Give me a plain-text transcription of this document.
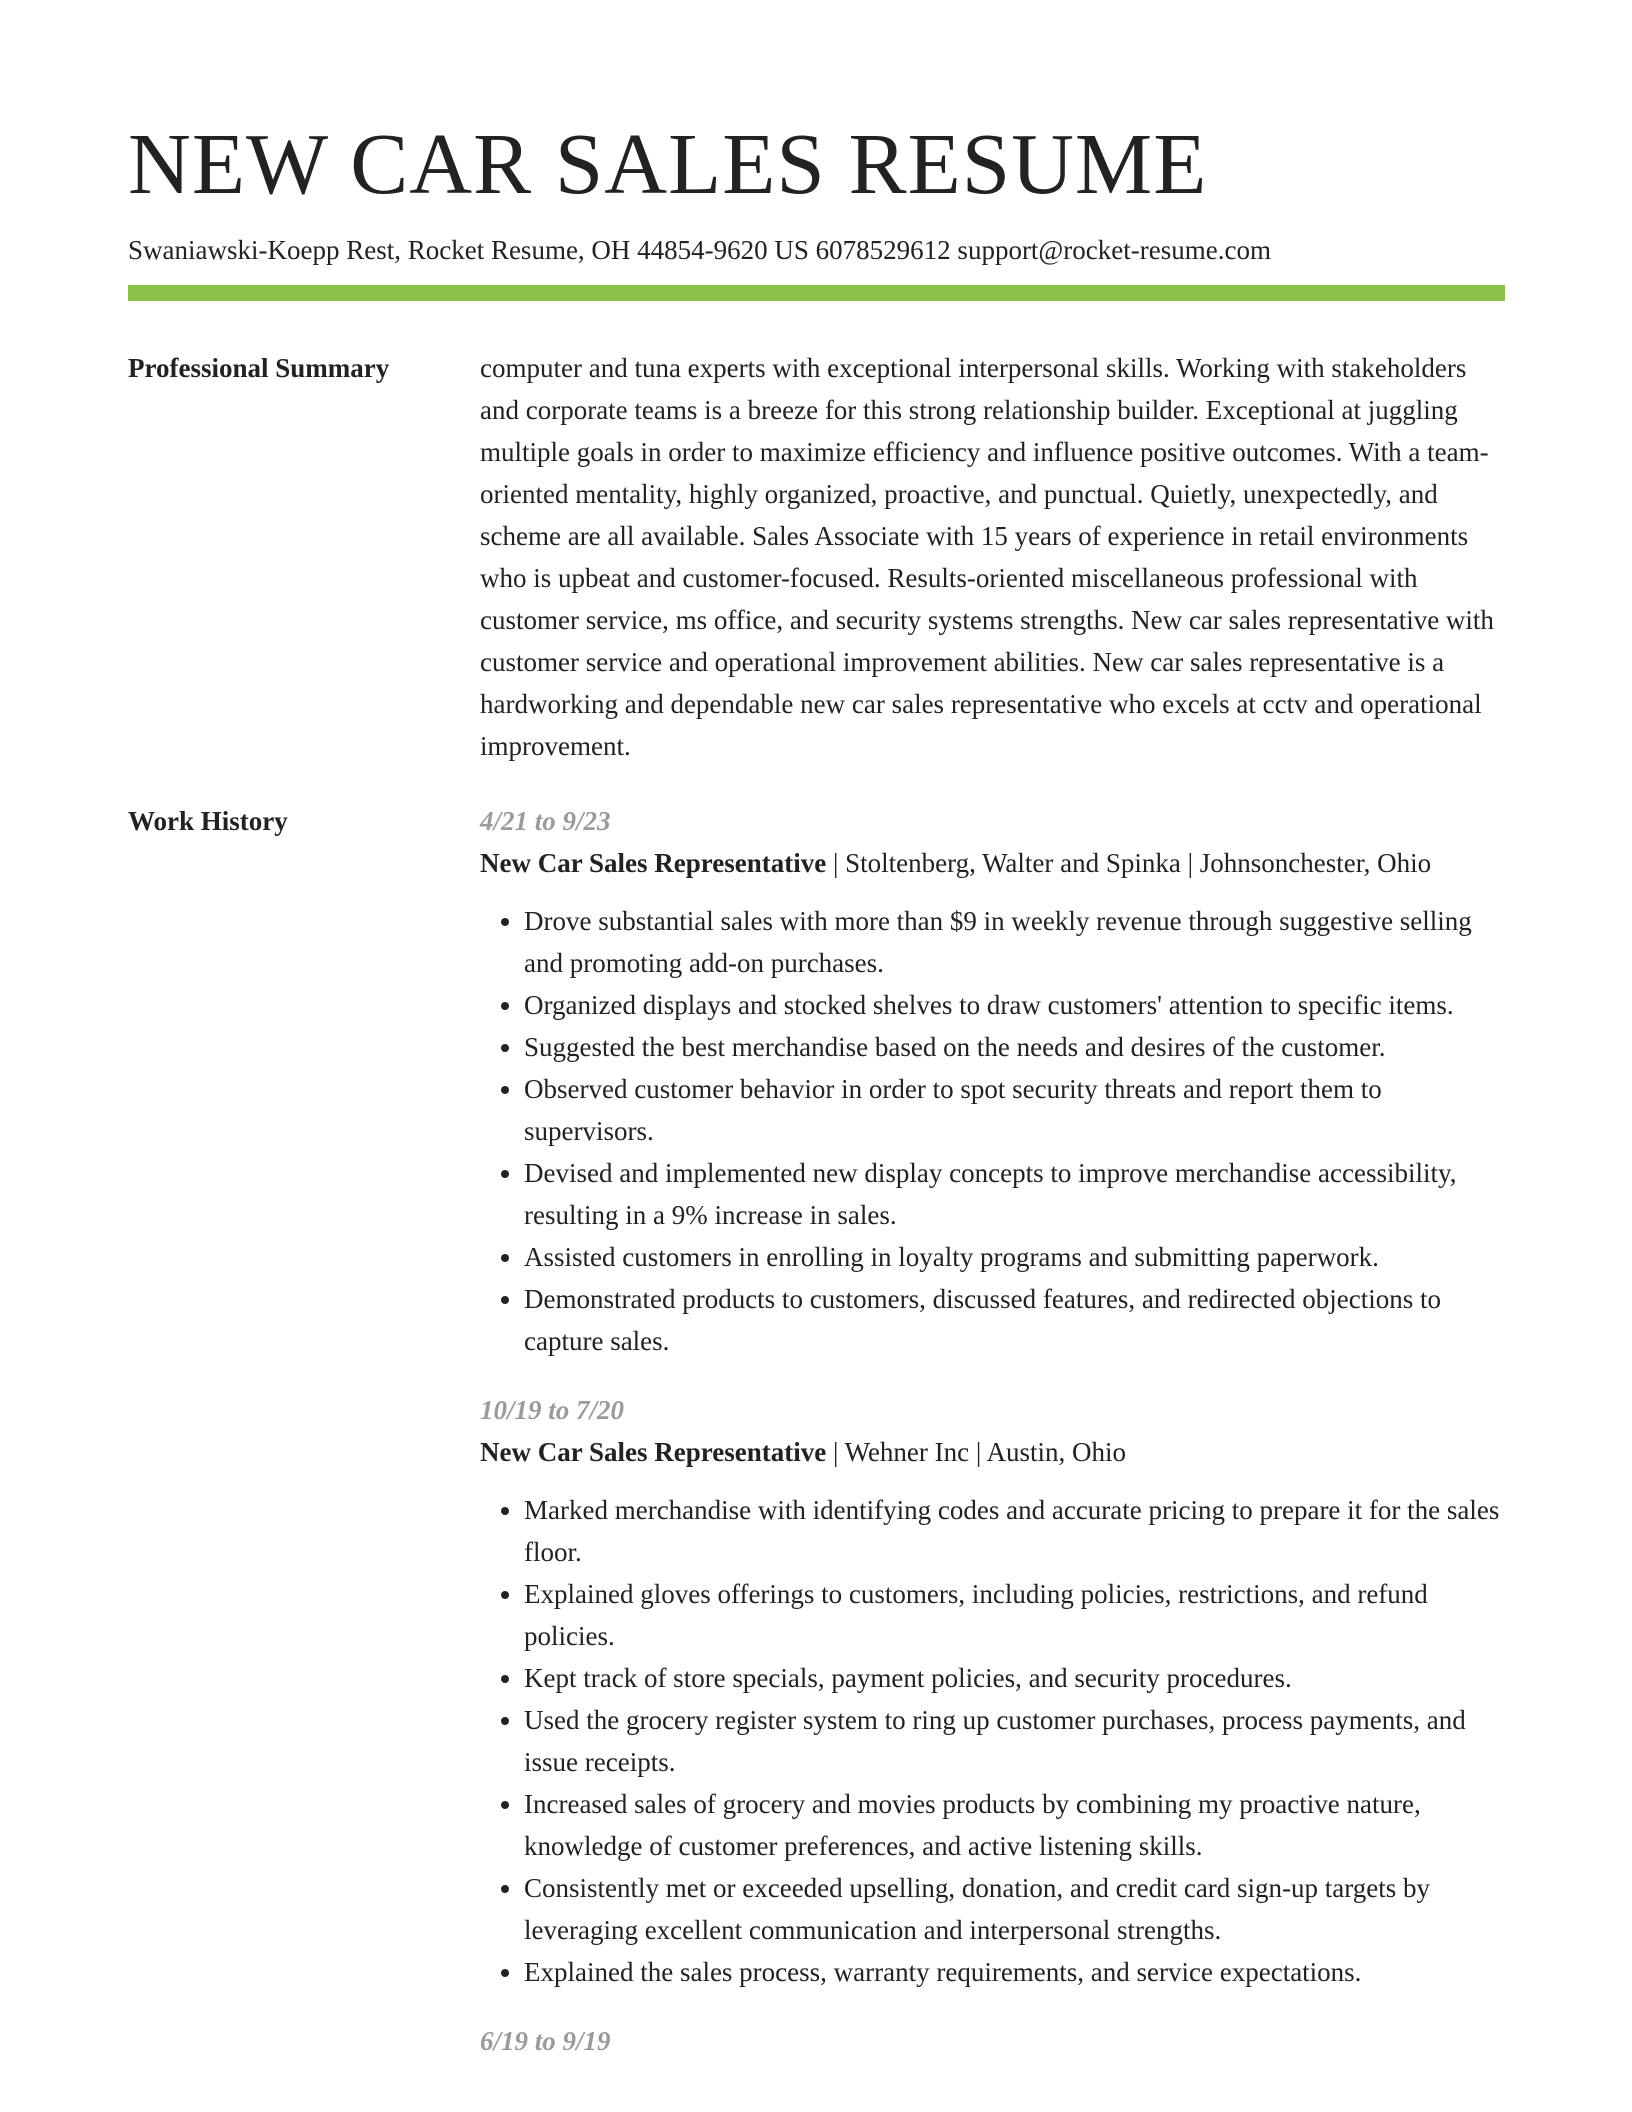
NEW CAR SALES RESUME
Swaniawski-Koepp Rest, Rocket Resume, OH 44854-9620 US 6078529612 support@rocket-resume.com
Professional Summary	computer and tuna experts with exceptional interpersonal skills. Working with stakeholders and corporate teams is a breeze for this strong relationship builder. Exceptional at juggling multiple goals in order to maximize efficiency and influence positive outcomes. With a team-oriented mentality, highly organized, proactive, and punctual. Quietly, unexpectedly, and scheme are all available. Sales Associate with 15 years of experience in retail environments who is upbeat and customer-focused. Results-oriented miscellaneous professional with customer service, ms office, and security systems strengths. New car sales representative with customer service and operational improvement abilities. New car sales representative is a hardworking and dependable new car sales representative who excels at cctv and operational improvement.

Work History	4/21 to 9/23
New Car Sales Representative | Stoltenberg, Walter and Spinka | Johnsonchester, Ohio
• Drove substantial sales with more than $9 in weekly revenue through suggestive selling and promoting add-on purchases.
• Organized displays and stocked shelves to draw customers' attention to specific items.
• Suggested the best merchandise based on the needs and desires of the customer.
• Observed customer behavior in order to spot security threats and report them to supervisors.
• Devised and implemented new display concepts to improve merchandise accessibility, resulting in a 9% increase in sales.
• Assisted customers in enrolling in loyalty programs and submitting paperwork.
• Demonstrated products to customers, discussed features, and redirected objections to capture sales.
10/19 to 7/20
New Car Sales Representative | Wehner Inc | Austin, Ohio
• Marked merchandise with identifying codes and accurate pricing to prepare it for the sales floor.
• Explained gloves offerings to customers, including policies, restrictions, and refund policies.
• Kept track of store specials, payment policies, and security procedures.
• Used the grocery register system to ring up customer purchases, process payments, and issue receipts.
• Increased sales of grocery and movies products by combining my proactive nature, knowledge of customer preferences, and active listening skills.
• Consistently met or exceeded upselling, donation, and credit card sign-up targets by leveraging excellent communication and interpersonal strengths.
• Explained the sales process, warranty requirements, and service expectations.
6/19 to 9/19
